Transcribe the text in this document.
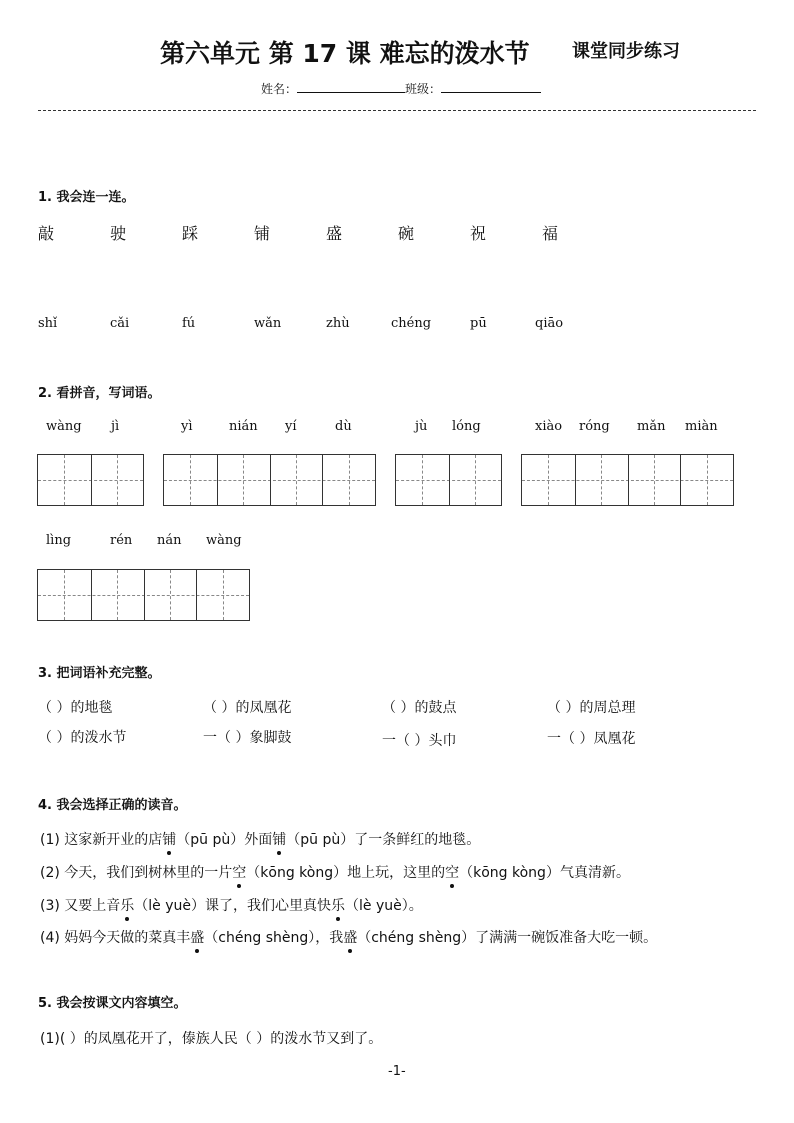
第六单元 第 17 课 难忘的泼水节 课堂同步练习
姓名：	班级：
1. 我会连一连。
敲	驶	踩	铺	盛	碗	祝	福
shǐ	cǎi	fú	wǎn	zhù	chéng	pū	qiāo
2. 看拼音，写词语。
wàng jì	yì	nián yí	dù	jù lóng	xiào róng mǎn miàn
lìng	rén nán wàng
3. 把词语补充完整。
（ ）的地毯	（ ）的凤凰花	（ ）的鼓点	（ ）的周总理
（ ）的泼水节	一（ ）象脚鼓	一（ ）头巾	一（ ）凤凰花
4. 我会选择正确的读音。
(1) 这家新开业的店铺（pū pù）外面铺（pū pù）了一条鲜红的地毯。
(2) 今天，我们到树林里的一片空（kōng kòng）地上玩，这里的空（kōng kòng）气真清新。
(3) 又要上音乐（lè yuè）课了，我们心里真快乐（lè yuè）。
(4) 妈妈今天做的菜真丰盛（chéng shèng），我盛（chéng shèng）了满满一碗饭准备大吃一顿。
5. 我会按课文内容填空。
(1)( ）的凤凰花开了，傣族人民（ ）的泼水节又到了。
-1-
